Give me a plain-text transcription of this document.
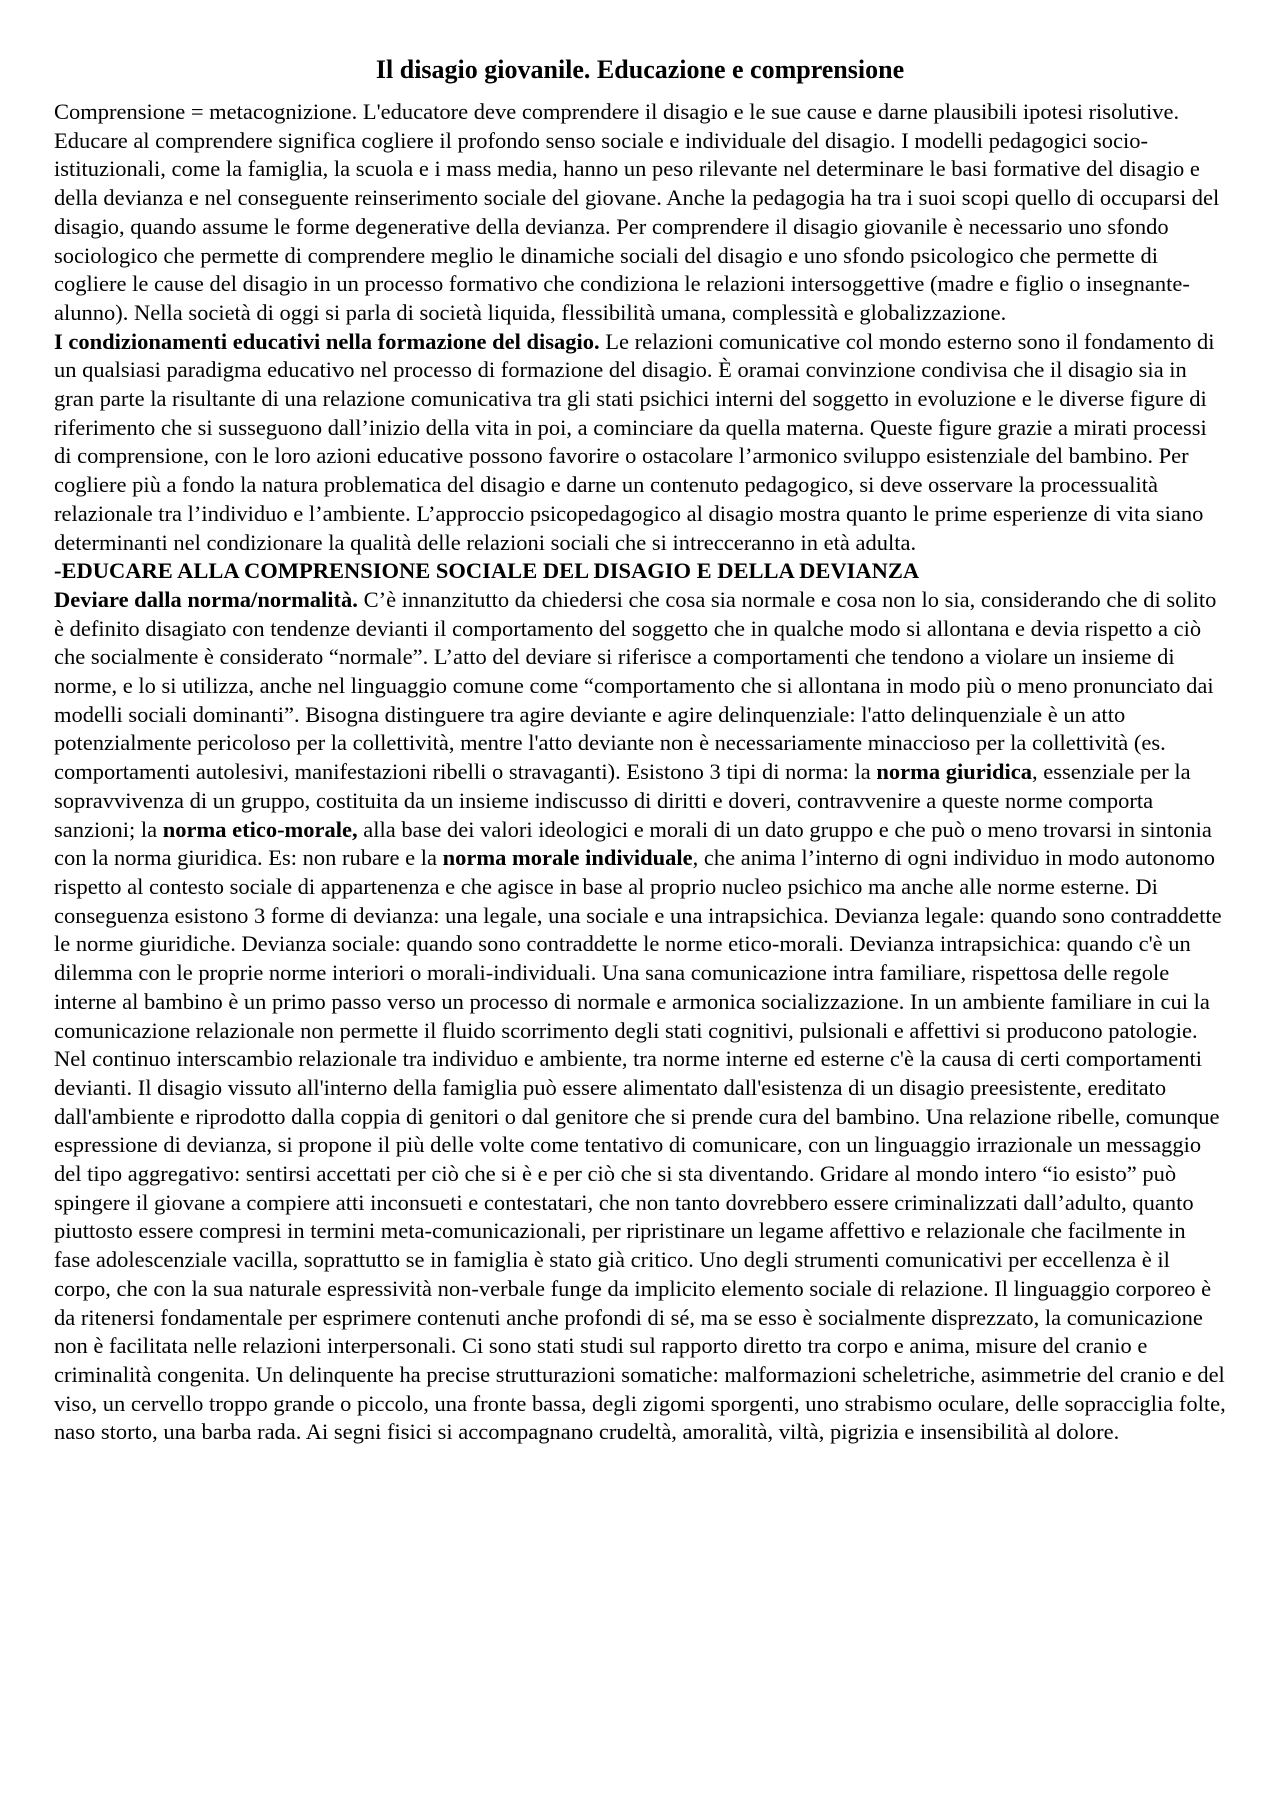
Il disagio giovanile. Educazione e comprensione

Comprensione = metacognizione. L'educatore deve comprendere il disagio e le sue cause e darne plausibili ipotesi risolutive. Educare al comprendere significa cogliere il profondo senso sociale e individuale del disagio. I modelli pedagogici socio-istituzionali, come la famiglia, la scuola e i mass media, hanno un peso rilevante nel determinare le basi formative del disagio e della devianza e nel conseguente reinserimento sociale del giovane. Anche la pedagogia ha tra i suoi scopi quello di occuparsi del disagio, quando assume le forme degenerative della devianza. Per comprendere il disagio giovanile è necessario uno sfondo sociologico che permette di comprendere meglio le dinamiche sociali del disagio e uno sfondo psicologico che permette di cogliere le cause del disagio in un processo formativo che condiziona le relazioni intersoggettive (madre e figlio o insegnante-alunno). Nella società di oggi si parla di società liquida, flessibilità umana, complessità e globalizzazione.

I condizionamenti educativi nella formazione del disagio. Le relazioni comunicative col mondo esterno sono il fondamento di un qualsiasi paradigma educativo nel processo di formazione del disagio. È oramai convinzione condivisa che il disagio sia in gran parte la risultante di una relazione comunicativa tra gli stati psichici interni del soggetto in evoluzione e le diverse figure di riferimento che si susseguono dall’inizio della vita in poi, a cominciare da quella materna. Queste figure grazie a mirati processi di comprensione, con le loro azioni educative possono favorire o ostacolare l’armonico sviluppo esistenziale del bambino. Per cogliere più a fondo la natura problematica del disagio e darne un contenuto pedagogico, si deve osservare la processualità relazionale tra l’individuo e l’ambiente. L’approccio psicopedagogico al disagio mostra quanto le prime esperienze di vita siano determinanti nel condizionare la qualità delle relazioni sociali che si intrecceranno in età adulta.

-EDUCARE ALLA COMPRENSIONE SOCIALE DEL DISAGIO E DELLA DEVIANZA

Deviare dalla norma/normalità. C’è innanzitutto da chiedersi che cosa sia normale e cosa non lo sia, considerando che di solito è definito disagiato con tendenze devianti il comportamento del soggetto che in qualche modo si allontana e devia rispetto a ciò che socialmente è considerato “normale”. L’atto del deviare si riferisce a comportamenti che tendono a violare un insieme di norme, e lo si utilizza, anche nel linguaggio comune come “comportamento che si allontana in modo più o meno pronunciato dai modelli sociali dominanti”. Bisogna distinguere tra agire deviante e agire delinquenziale: l'atto delinquenziale è un atto potenzialmente pericoloso per la collettività, mentre l'atto deviante non è necessariamente minaccioso per la collettività (es. comportamenti autolesivi, manifestazioni ribelli o stravaganti). Esistono 3 tipi di norma: la norma giuridica, essenziale per la sopravvivenza di un gruppo, costituita da un insieme indiscusso di diritti e doveri, contravvenire a queste norme comporta sanzioni; la norma etico-morale, alla base dei valori ideologici e morali di un dato gruppo e che può o meno trovarsi in sintonia con la norma giuridica. Es: non rubare e la norma morale individuale, che anima l’interno di ogni individuo in modo autonomo rispetto al contesto sociale di appartenenza e che agisce in base al proprio nucleo psichico ma anche alle norme esterne. Di conseguenza esistono 3 forme di devianza: una legale, una sociale e una intrapsichica. Devianza legale: quando sono contraddette le norme giuridiche. Devianza sociale: quando sono contraddette le norme etico-morali. Devianza intrapsichica: quando c'è un dilemma con le proprie norme interiori o morali-individuali. Una sana comunicazione intra familiare, rispettosa delle regole interne al bambino è un primo passo verso un processo di normale e armonica socializzazione. In un ambiente familiare in cui la comunicazione relazionale non permette il fluido scorrimento degli stati cognitivi, pulsionali e affettivi si producono patologie. Nel continuo interscambio relazionale tra individuo e ambiente, tra norme interne ed esterne c'è la causa di certi comportamenti devianti. Il disagio vissuto all'interno della famiglia può essere alimentato dall'esistenza di un disagio preesistente, ereditato dall'ambiente e riprodotto dalla coppia di genitori o dal genitore che si prende cura del bambino. Una relazione ribelle, comunque espressione di devianza, si propone il più delle volte come tentativo di comunicare, con un linguaggio irrazionale un messaggio del tipo aggregativo: sentirsi accettati per ciò che si è e per ciò che si sta diventando. Gridare al mondo intero “io esisto” può spingere il giovane a compiere atti inconsueti e contestatari, che non tanto dovrebbero essere criminalizzati dall’adulto, quanto piuttosto essere compresi in termini meta-comunicazionali, per ripristinare un legame affettivo e relazionale che facilmente in fase adolescenziale vacilla, soprattutto se in famiglia è stato già critico. Uno degli strumenti comunicativi per eccellenza è il corpo, che con la sua naturale espressività non-verbale funge da implicito elemento sociale di relazione. Il linguaggio corporeo è da ritenersi fondamentale per esprimere contenuti anche profondi di sé, ma se esso è socialmente disprezzato, la comunicazione non è facilitata nelle relazioni interpersonali. Ci sono stati studi sul rapporto diretto tra corpo e anima, misure del cranio e criminalità congenita. Un delinquente ha precise strutturazioni somatiche: malformazioni scheletriche, asimmetrie del cranio e del viso, un cervello troppo grande o piccolo, una fronte bassa, degli zigomi sporgenti, uno strabismo oculare, delle sopracciglia folte, naso storto, una barba rada. Ai segni fisici si accompagnano crudeltà, amoralità, viltà, pigrizia e insensibilità al dolore.
